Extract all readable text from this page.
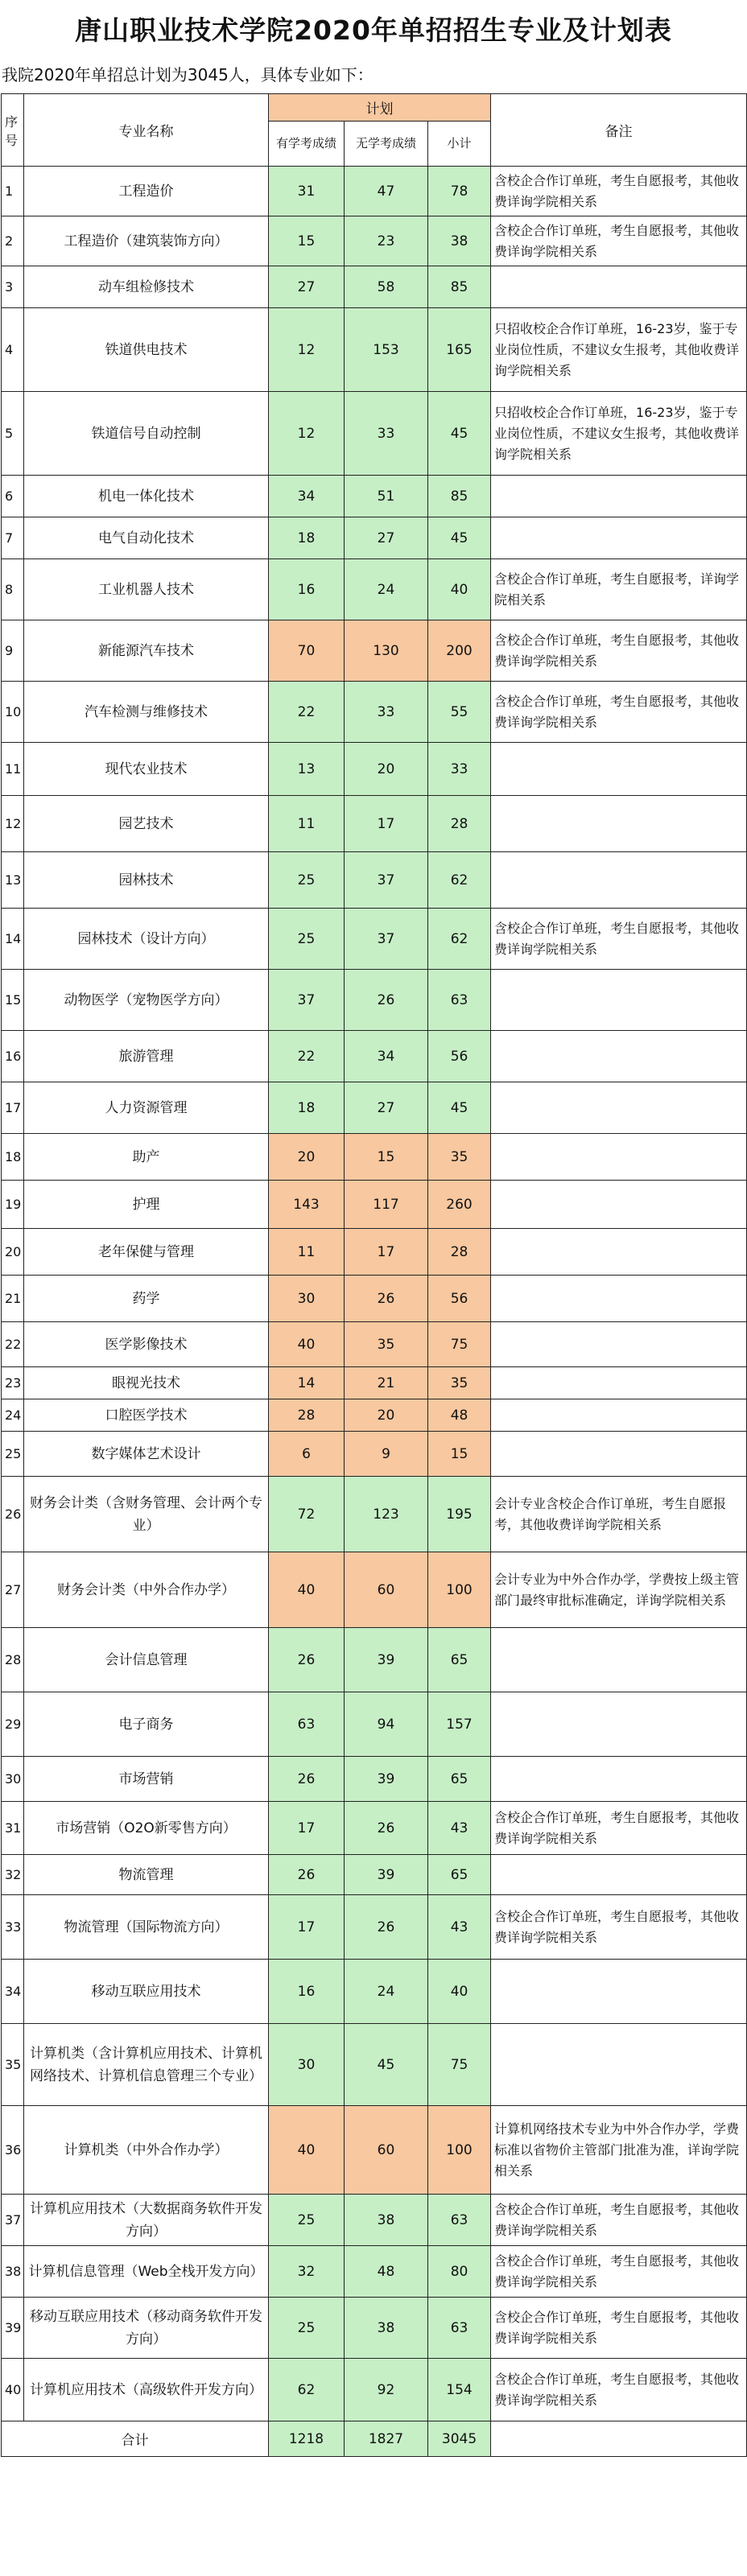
唐山职业技术学院2020年单招招生专业及计划表
我院2020年单招总计划为3045人，具体专业如下：
序号	专业名称	计划			备注
		有学考成绩	无学考成绩	小计	
1	工程造价	31	47	78	含校企合作订单班，考生自愿报考，其他收费详询学院相关系
2	工程造价（建筑装饰方向）	15	23	38	含校企合作订单班，考生自愿报考，其他收费详询学院相关系
3	动车组检修技术	27	58	85	
4	铁道供电技术	12	153	165	只招收校企合作订单班，16-23岁，鉴于专业岗位性质，不建议女生报考，其他收费详询学院相关系
5	铁道信号自动控制	12	33	45	只招收校企合作订单班，16-23岁，鉴于专业岗位性质，不建议女生报考，其他收费详询学院相关系
6	机电一体化技术	34	51	85	
7	电气自动化技术	18	27	45	
8	工业机器人技术	16	24	40	含校企合作订单班，考生自愿报考，详询学院相关系
9	新能源汽车技术	70	130	200	含校企合作订单班，考生自愿报考，其他收费详询学院相关系
10	汽车检测与维修技术	22	33	55	含校企合作订单班，考生自愿报考，其他收费详询学院相关系
11	现代农业技术	13	20	33	
12	园艺技术	11	17	28	
13	园林技术	25	37	62	
14	园林技术（设计方向）	25	37	62	含校企合作订单班，考生自愿报考，其他收费详询学院相关系
15	动物医学（宠物医学方向）	37	26	63	
16	旅游管理	22	34	56	
17	人力资源管理	18	27	45	
18	助产	20	15	35	
19	护理	143	117	260	
20	老年保健与管理	11	17	28	
21	药学	30	26	56	
22	医学影像技术	40	35	75	
23	眼视光技术	14	21	35	
24	口腔医学技术	28	20	48	
25	数字媒体艺术设计	6	9	15	
26	财务会计类（含财务管理、会计两个专业）	72	123	195	会计专业含校企合作订单班，考生自愿报考，其他收费详询学院相关系
27	财务会计类（中外合作办学）	40	60	100	会计专业为中外合作办学，学费按上级主管部门最终审批标准确定，详询学院相关系
28	会计信息管理	26	39	65	
29	电子商务	63	94	157	
30	市场营销	26	39	65	
31	市场营销（O2O新零售方向）	17	26	43	含校企合作订单班，考生自愿报考，其他收费详询学院相关系
32	物流管理	26	39	65	
33	物流管理（国际物流方向）	17	26	43	含校企合作订单班，考生自愿报考，其他收费详询学院相关系
34	移动互联应用技术	16	24	40	
35	计算机类（含计算机应用技术、计算机网络技术、计算机信息管理三个专业）	30	45	75	
36	计算机类（中外合作办学）	40	60	100	计算机网络技术专业为中外合作办学，学费标准以省物价主管部门批准为准，详询学院相关系
37	计算机应用技术（大数据商务软件开发方向）	25	38	63	含校企合作订单班，考生自愿报考，其他收费详询学院相关系
38	计算机信息管理（Web全栈开发方向）	32	48	80	含校企合作订单班，考生自愿报考，其他收费详询学院相关系
39	移动互联应用技术（移动商务软件开发方向）	25	38	63	含校企合作订单班，考生自愿报考，其他收费详询学院相关系
40	计算机应用技术（高级软件开发方向）	62	92	154	含校企合作订单班，考生自愿报考，其他收费详询学院相关系
合计		1218	1827	3045	
